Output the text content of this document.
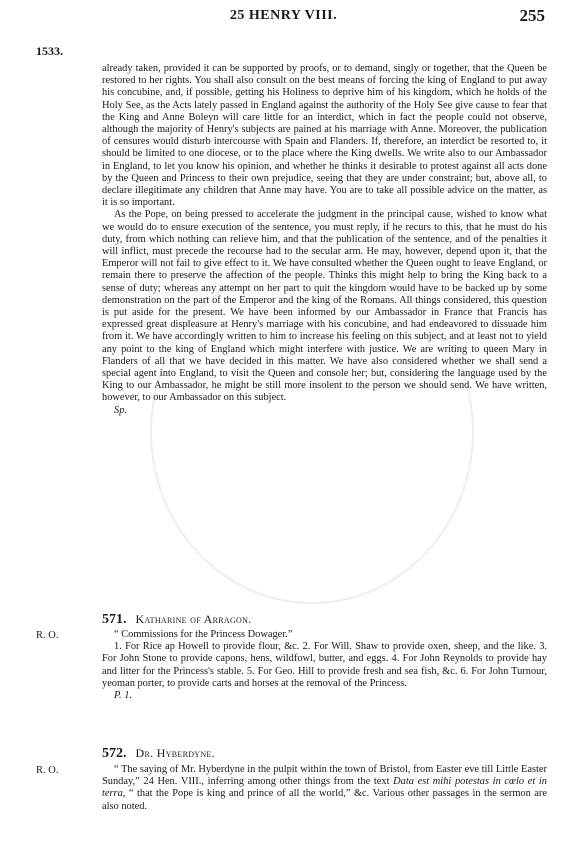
25 HENRY VIII.	255
1533.

already taken, provided it can be supported by proofs, or to demand, singly or together, that the Queen be restored to her rights. You shall also consult on the best means of forcing the king of England to put away his concubine, and, if possible, getting his Holiness to deprive him of his kingdom, which he holds of the Holy See, as the Acts lately passed in England against the authority of the Holy See give cause to fear that the King and Anne Boleyn will care little for an interdict, which in fact the people could not observe, although the majority of Henry's subjects are pained at his marriage with Anne. Moreover, the publication of censures would disturb intercourse with Spain and Flanders. If, therefore, an interdict be resorted to, it should be limited to one diocese, or to the place where the King dwells. We write also to our Ambassador in England, to let you know his opinion, and whether he thinks it desirable to protest against all acts done by the Queen and Princess to their own prejudice, seeing that they are under constraint; but, above all, to declare illegitimate any children that Anne may have. You are to take all possible advice on the matter, as it is so important.

As the Pope, on being pressed to accelerate the judgment in the principal cause, wished to know what we would do to ensure execution of the sentence, you must reply, if he recurs to this, that he must do his duty, from which nothing can relieve him, and that the publication of the sentence, and of the penalties it will inflict, must precede the recourse had to the secular arm. He may, however, depend upon it, that the Emperor will not fail to give effect to it. We have consulted whether the Queen ought to leave England, or remain there to preserve the affection of the people. Thinks this might help to bring the King back to a sense of duty; whereas any attempt on her part to quit the kingdom would have to be backed up by some demonstration on the part of the Emperor and the king of the Romans. All things considered, this question is put aside for the present. We have been informed by our Ambassador in France that Francis has expressed great displeasure at Henry's marriage with his concubine, and had endeavored to dissuade him from it. We have accordingly written to him to increase his feeling on this subject, and at least not to yield any point to the king of England which might interfere with justice. We are writing to queen Mary in Flanders of all that we have decided in this matter. We have also considered whether we shall send a special agent into England, to visit the Queen and console her; but, considering the language used by the King to our Ambassador, he might be still more insolent to the person we should send. We have written, however, to our Ambassador on this subject.

Sp.
571. Katharine of Arragon.
R. O.	“ Commissions for the Princess Dowager.”

1. For Rice ap Howell to provide flour, &c. 2. For Will. Shaw to provide oxen, sheep, and the like. 3. For John Stone to provide capons, hens, wildfowl, butter, and eggs. 4. For John Reynolds to provide hay and litter for the Princess's stable. 5. For Geo. Hill to provide fresh and sea fish, &c. 6. For John Turnour, yeoman porter, to provide carts and horses at the removal of the Princess.

P. 1.
572. Dr. Hyberdyne.
R. O.	“ The saying of Mr. Hyberdyne in the pulpit within the town of Bristol, from Easter eve till Little Easter Sunday,” 24 Hen. VIII., inferring among other things from the text Data est mihi potestas in cœlo et in terra, “ that the Pope is king and prince of all the world,” &c. Various other passages in the sermon are also noted.
